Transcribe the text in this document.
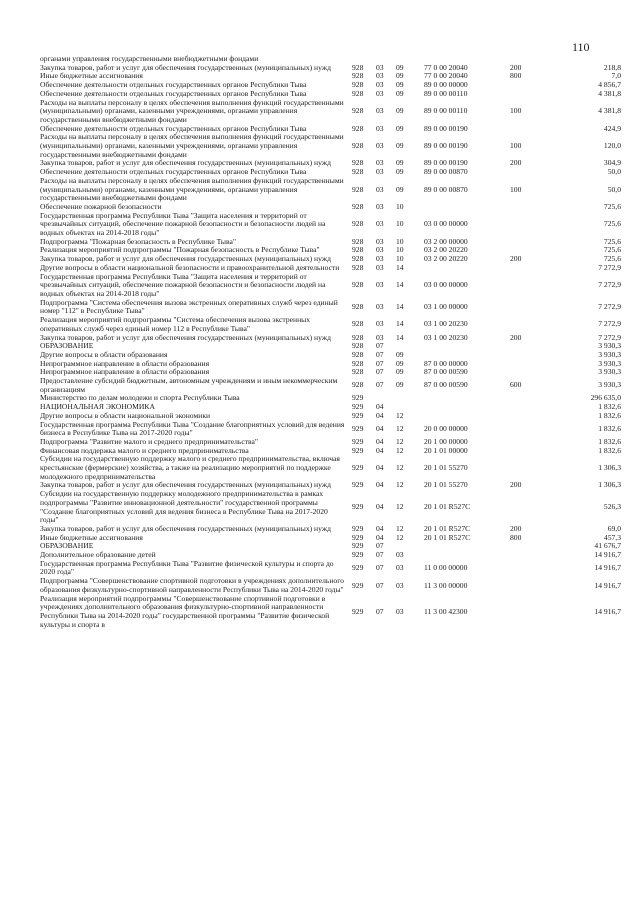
110
органами управления государственными внебюджетными фондами						
Закупка товаров, работ и услуг для обеспечения государственных (муниципальных) нужд	928	03	09	77 0 00 20040	200	218,8
Иные бюджетные ассигнования	928	03	09	77 0 00 20040	800	7,0
Обеспечение деятельности отдельных государственных органов Республики Тыва	928	03	09	89 0 00 00000		4 856,7
Обеспечение деятельности отдельных государственных органов Республики Тыва	928	03	09	89 0 00 00110		4 381,8
Расходы на выплаты персоналу в целях обеспечения выполнения функций государственными (муниципальными) органами, казенными учреждениями, органами управления государственными внебюджетными фондами	928	03	09	89 0 00 00110	100	4 381,8
Обеспечение деятельности отдельных государственных органов Республики Тыва	928	03	09	89 0 00 00190		424,9
Расходы на выплаты персоналу в целях обеспечения выполнения функций государственными (муниципальными) органами, казенными учреждениями, органами управления государственными внебюджетными фондами	928	03	09	89 0 00 00190	100	120,0
Закупка товаров, работ и услуг для обеспечения государственных (муниципальных) нужд	928	03	09	89 0 00 00190	200	304,9
Обеспечение деятельности отдельных государственных органов Республики Тыва	928	03	09	89 0 00 00870		50,0
Расходы на выплаты персоналу в целях обеспечения выполнения функций государственными (муниципальными) органами, казенными учреждениями, органами управления государственными внебюджетными фондами	928	03	09	89 0 00 00870	100	50,0
Обеспечение пожарной безопасности	928	03	10			725,6
Государственная программа Республики Тыва "Защита населения и территорий от чрезвычайных ситуаций, обеспечение пожарной безопасности и безопасности людей на водных объектах на 2014-2018 годы"	928	03	10	03 0 00 00000		725,6
Подпрограмма "Пожарная безопасность в Республике Тыва"	928	03	10	03 2 00 00000		725,6
Реализация мероприятий подпрограммы "Пожарная безопасность в Республике Тыва"	928	03	10	03 2 00 20220		725,6
Закупка товаров, работ и услуг для обеспечения государственных (муниципальных) нужд	928	03	10	03 2 00 20220	200	725,6
Другие вопросы в области национальной безопасности и правоохранительной деятельности	928	03	14			7 272,9
Государственная программа Республики Тыва "Защита населения и территорий от чрезвычайных ситуаций, обеспечение пожарной безопасности и безопасности людей на водных объектах на 2014-2018 годы"	928	03	14	03 0 00 00000		7 272,9
Подпрограмма "Система обеспечения вызова экстренных оперативных служб через единый номер "112" в Республике Тыва"	928	03	14	03 1 00 00000		7 272,9
Реализация мероприятий подпрограммы "Система обеспечения вызова экстренных оперативных служб через единый номер 112 в Республике Тыва"	928	03	14	03 1 00 20230		7 272,9
Закупка товаров, работ и услуг для обеспечения государственных (муниципальных) нужд	928	03	14	03 1 00 20230	200	7 272,9
ОБРАЗОВАНИЕ	928	07				3 930,3
Другие вопросы в области образования	928	07	09			3 930,3
Непрограммное направление в области образования	928	07	09	87 0 00 00000		3 930,3
Непрограммное направление в области образования	928	07	09	87 0 00 00590		3 930,3
Предоставление субсидий бюджетным, автономным учреждениям и иным некоммерческим организациям	928	07	09	87 0 00 00590	600	3 930,3
Министерство по делам молодежи и спорта Республики Тыва	929					296 635,0
НАЦИОНАЛЬНАЯ ЭКОНОМИКА	929	04				1 832,6
Другие вопросы в области национальной экономики	929	04	12			1 832,6
Государственная программа Республики Тыва "Создание благоприятных условий для ведения бизнеса в Республике Тыва на 2017-2020 годы"	929	04	12	20 0 00 00000		1 832,6
Подпрограмма "Развитие малого и среднего предпринимательства"	929	04	12	20 1 00 00000		1 832,6
Финансовая поддержка малого и среднего предпринимательства	929	04	12	20 1 01 00000		1 832,6
Субсидии на государственную поддержку малого и среднего предпринимательства, включая крестьянские (фермерские) хозяйства, а также на реализацию мероприятий по поддержке молодежного предпринимательства	929	04	12	20 1 01 55270		1 306,3
Закупка товаров, работ и услуг для обеспечения государственных (муниципальных) нужд	929	04	12	20 1 01 55270	200	1 306,3
Субсидии на государственную поддержку молодежного предпринимательства в рамках подпрограммы "Развитие инновационной деятельности" государственной программы "Создание благоприятных условий для ведения бизнеса в Республике Тыва на 2017-2020 годы"	929	04	12	20 1 01 R527C		526,3
Закупка товаров, работ и услуг для обеспечения государственных (муниципальных) нужд	929	04	12	20 1 01 R527C	200	69,0
Иные бюджетные ассигнования	929	04	12	20 1 01 R527C	800	457,3
ОБРАЗОВАНИЕ	929	07				41 676,7
Дополнительное образование детей	929	07	03			14 916,7
Государственная программа Республики Тыва "Развитие физической культуры и спорта до 2020 года"	929	07	03	11 0 00 00000		14 916,7
Подпрограмма "Совершенствование спортивной подготовки в учреждениях дополнительного образования физкультурно-спортивной направленности Республики Тыва на 2014-2020 годы"	929	07	03	11 3 00 00000		14 916,7
Реализация мероприятий подпрограммы "Совершенствование спортивной подготовки в учреждениях дополнительного образования физкультурно-спортивной направленности Республики Тыва на 2014-2020 годы" государственной программы "Развитие физической культуры и спорта в	929	07	03	11 3 00 42300		14 916,7
